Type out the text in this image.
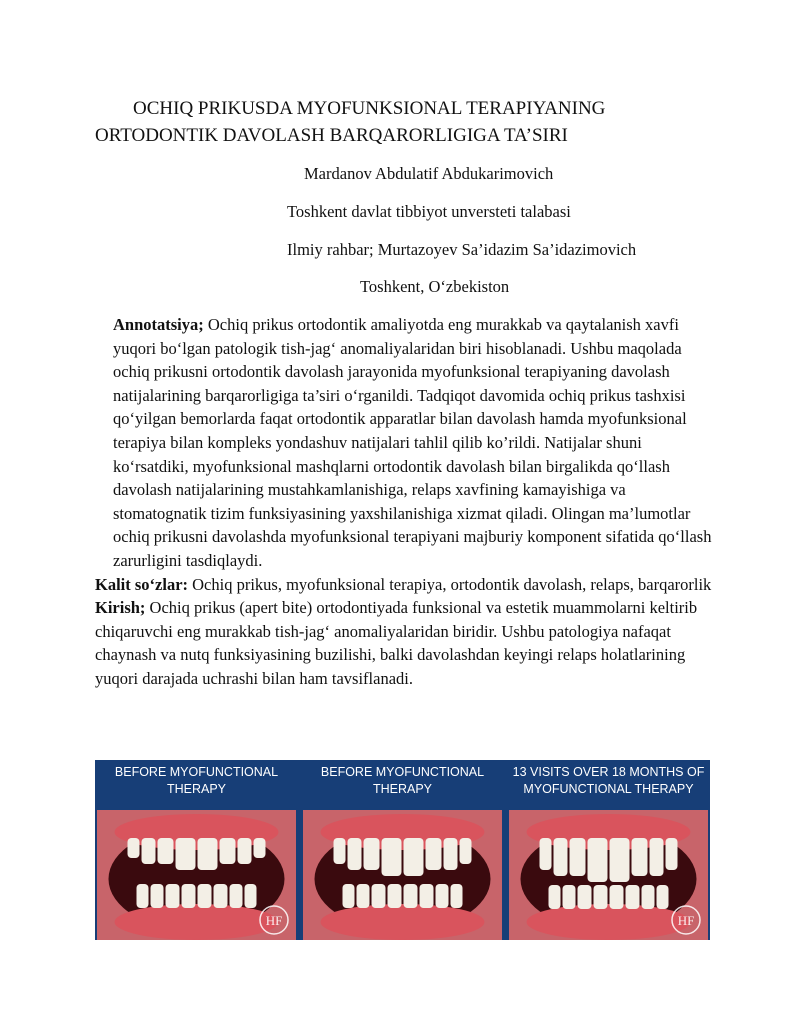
OCHIQ PRIKUSDA MYOFUNKSIONAL TERAPIYANING
ORTODONTIK DAVOLASH BARQARORLIGIGA TA’SIRI
Mardanov Abdulatif Abdukarimovich
Toshkent davlat tibbiyot unversteti talabasi
Ilmiy rahbar; Murtazoyev Sa’idazim Sa’idazimovich
Toshkent, O‘zbekiston

Annotatsiya; Ochiq prikus ortodontik amaliyotda eng murakkab va qaytalanish xavfi yuqori bo‘lgan patologik tish-jag‘ anomaliyalaridan biri hisoblanadi. Ushbu maqolada ochiq prikusni ortodontik davolash jarayonida myofunksional terapiyaning davolash natijalarining barqarorligiga ta’siri o‘rganildi. Tadqiqot davomida ochiq prikus tashxisi qo‘yilgan bemorlarda faqat ortodontik apparatlar bilan davolash hamda myofunksional terapiya bilan kompleks yondashuv natijalari tahlil qilib ko’rildi. Natijalar shuni ko‘rsatdiki, myofunksional mashqlarni ortodontik davolash bilan birgalikda qo‘llash davolash natijalarining mustahkamlanishiga, relaps xavfining kamayishiga va stomatognatik tizim funksiyasining yaxshilanishiga xizmat qiladi. Olingan ma’lumotlar ochiq prikusni davolashda myofunksional terapiyani majburiy komponent sifatida qo‘llash zarurligini tasdiqlaydi.

Kalit so‘zlar: Ochiq prikus, myofunksional terapiya, ortodontik davolash, relaps, barqarorlik

Kirish; Ochiq prikus (apert bite) ortodontiyada funksional va estetik muammolarni keltirib chiqaruvchi eng murakkab tish-jag‘ anomaliyalaridan biridir. Ushbu patologiya nafaqat chaynash va nutq funksiyasining buzilishi, balki davolashdan keyingi relaps holatlarining yuqori darajada uchrashi bilan ham tavsiflanadi.

BEFORE MYOFUNCTIONAL
THERAPY
HF
BEFORE MYOFUNCTIONAL
THERAPY
13 VISITS OVER 18 MONTHS OF
MYOFUNCTIONAL THERAPY
HF
